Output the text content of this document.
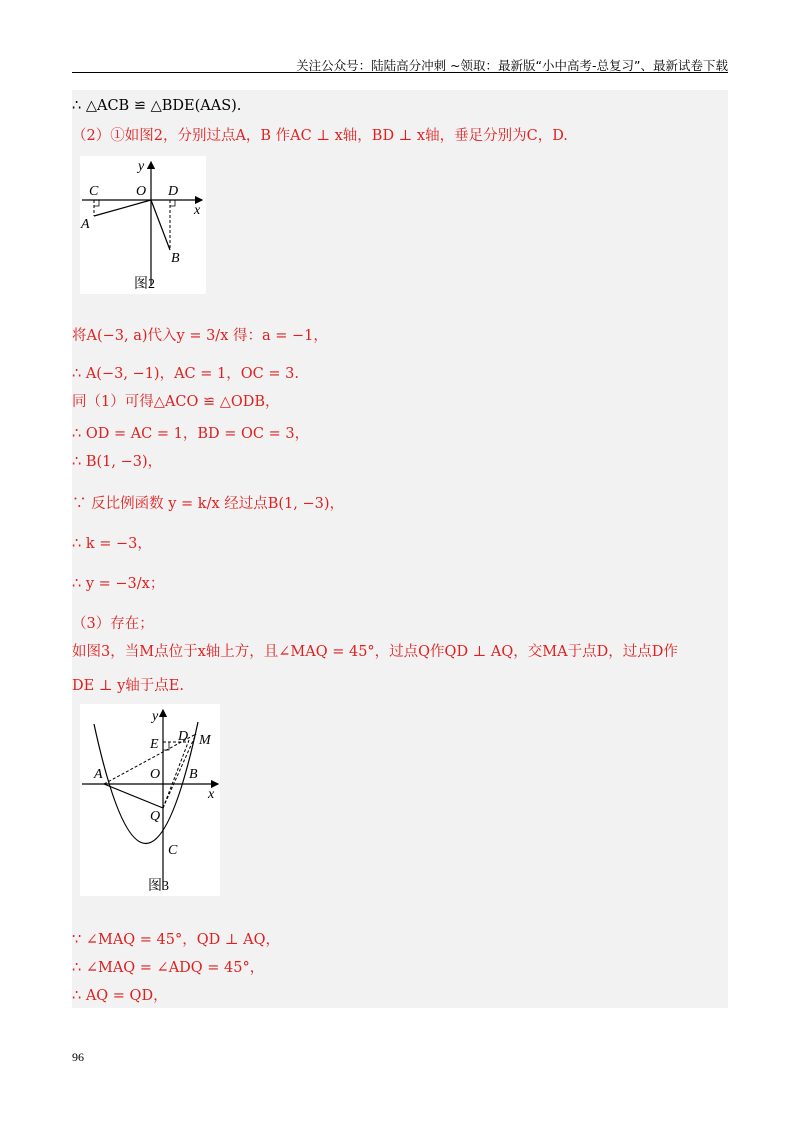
关注公众号：陆陆高分冲刺 ~领取：最新版“小中高考-总复习”、最新试卷下载
∴ △ACB ≌ △BDE(AAS).
（2）①如图2，分别过点A，B 作AC ⊥ x轴，BD ⊥ x轴，垂足分别为C，D.
y
x
O
C	D
A
B
图2
将A(−3, a)代入y = 3/x 得：a = −1，
∴ A(−3, −1)，AC = 1，OC = 3.
同（1）可得△ACO ≌ △ODB，
∴ OD = AC = 1，BD = OC = 3，
∴ B(1, −3)，
∵ 反比例函数 y = k/x 经过点B(1, −3)，
∴ k = −3，
∴ y = −3/x；
（3）存在；
如图3，当M点位于x轴上方，且∠MAQ = 45°，过点Q作QD ⊥ AQ，交MA于点D，过点D作
DE ⊥ y轴于点E.
y
x
O
A	B
C
D
E	M
Q
图3
∵ ∠MAQ = 45°，QD ⊥ AQ，
∴ ∠MAQ = ∠ADQ = 45°，
∴ AQ = QD，
96
